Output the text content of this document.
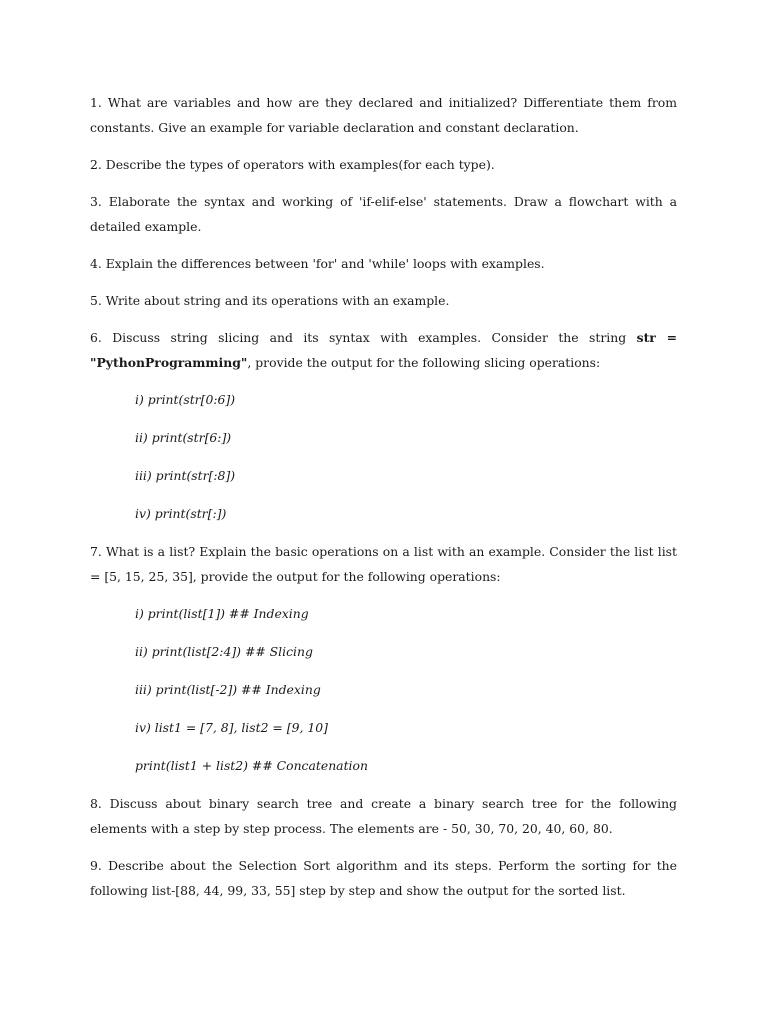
1. What are variables and how are they declared and initialized? Differentiate them from constants. Give an example for variable declaration and constant declaration.

2. Describe the types of operators with examples(for each type).

3. Elaborate the syntax and working of 'if-elif-else' statements. Draw a flowchart with a detailed example.

4. Explain the differences between 'for' and 'while' loops with examples.

5. Write about string and its operations with an example.

6. Discuss string slicing and its syntax with examples. Consider the string str = "PythonProgramming", provide the output for the following slicing operations:

i) print(str[0:6])

ii) print(str[6:])

iii) print(str[:8])

iv) print(str[:])

7. What is a list? Explain the basic operations on a list with an example. Consider the list list = [5, 15, 25, 35], provide the output for the following operations:

i) print(list[1]) ## Indexing

ii) print(list[2:4]) ## Slicing

iii) print(list[-2]) ## Indexing

iv) list1 = [7, 8], list2 = [9, 10]

print(list1 + list2) ## Concatenation

8. Discuss about binary search tree and create a binary search tree for the following elements with a step by step process. The elements are - 50, 30, 70, 20, 40, 60, 80.

9. Describe about the Selection Sort algorithm and its steps. Perform the sorting for the following list-[88, 44, 99, 33, 55] step by step and show the output for the sorted list.
